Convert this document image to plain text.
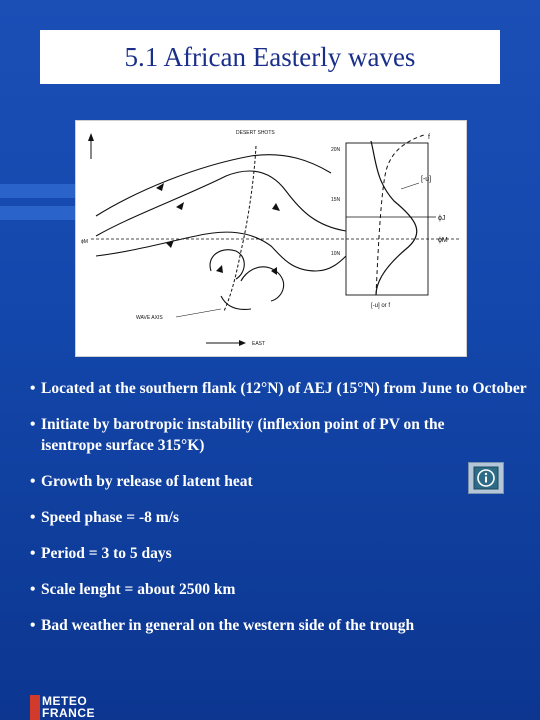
5.1 African Easterly waves
DESERT SHOTS
ϕM
WAVE AXIS
EAST
20N
15N
10N
f
[-u]
ϕJ
ϕM
[-u] or f
• Located at the southern flank (12°N) of AEJ (15°N) from June to October
• Initiate by barotropic instability (inflexion point of PV on the isentrope surface 315°K)
• Growth by release of latent heat
• Speed phase = -8 m/s
• Period = 3 to 5 days
• Scale lenght = about 2500 km
• Bad weather in general on the western side of the trough
METEO
FRANCE
